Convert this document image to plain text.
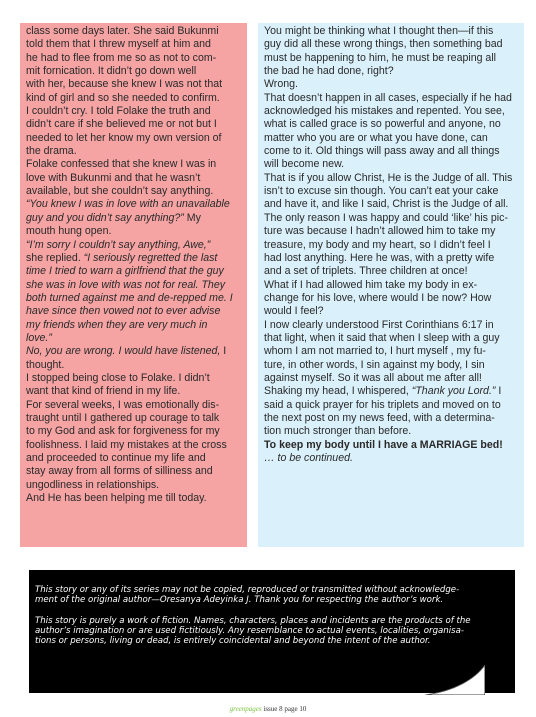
class some days later. She said Bukunmi
told them that I threw myself at him and
he had to flee from me so as not to com-
mit fornication. It didn’t go down well
with her, because she knew I was not that
kind of girl and so she needed to confirm.
I couldn’t cry. I told Folake the truth and
didn’t care if she believed me or not but I
needed to let her know my own version of
the drama.

Folake confessed that she knew I was in
love with Bukunmi and that he wasn’t
available, but she couldn’t say anything.

“You knew I was in love with an unavailable
guy and you didn’t say anything?” My
mouth hung open.

“I’m sorry I couldn’t say anything, Awe,”
she replied. “I seriously regretted the last
time I tried to warn a girlfriend that the guy
she was in love with was not for real. They
both turned against me and de-repped me. I
have since then vowed not to ever advise
my friends when they are very much in
love.”

No, you are wrong. I would have listened, I
thought.

I stopped being close to Folake. I didn’t
want that kind of friend in my life.

For several weeks, I was emotionally dis-
traught until I gathered up courage to talk
to my God and ask for forgiveness for my
foolishness. I laid my mistakes at the cross
and proceeded to continue my life and
stay away from all forms of silliness and
ungodliness in relationships.

And He has been helping me till today.

You might be thinking what I thought then—if this
guy did all these wrong things, then something bad
must be happening to him, he must be reaping all
the bad he had done, right?

Wrong.

That doesn’t happen in all cases, especially if he had
acknowledged his mistakes and repented. You see,
what is called grace is so powerful and anyone, no
matter who you are or what you have done, can
come to it. Old things will pass away and all things
will become new.

That is if you allow Christ, He is the Judge of all. This
isn’t to excuse sin though. You can’t eat your cake
and have it, and like I said, Christ is the Judge of all.
The only reason I was happy and could ‘like’ his pic-
ture was because I hadn’t allowed him to take my
treasure, my body and my heart, so I didn’t feel I
had lost anything. Here he was, with a pretty wife
and a set of triplets. Three children at once!

What if I had allowed him take my body in ex-
change for his love, where would I be now? How
would I feel?

I now clearly understood First Corinthians 6:17 in
that light, when it said that when I sleep with a guy
whom I am not married to, I hurt myself , my fu-
ture, in other words, I sin against my body, I sin
against myself. So it was all about me after all!

Shaking my head, I whispered, “Thank you Lord.” I
said a quick prayer for his triplets and moved on to
the next post on my news feed, with a determina-
tion much stronger than before.

To keep my body until I have a MARRIAGE bed!

… to be continued.

This story or any of its series may not be copied, reproduced or transmitted without acknowledge-
ment of the original author—Oresanya Adeyinka J. Thank you for respecting the author’s work.

This story is purely a work of fiction. Names, characters, places and incidents are the products of the
author’s imagination or are used fictitiously. Any resemblance to actual events, localities, organisa-
tions or persons, living or dead, is entirely coincidental and beyond the intent of the author.

greenpages issue 8 page 10
